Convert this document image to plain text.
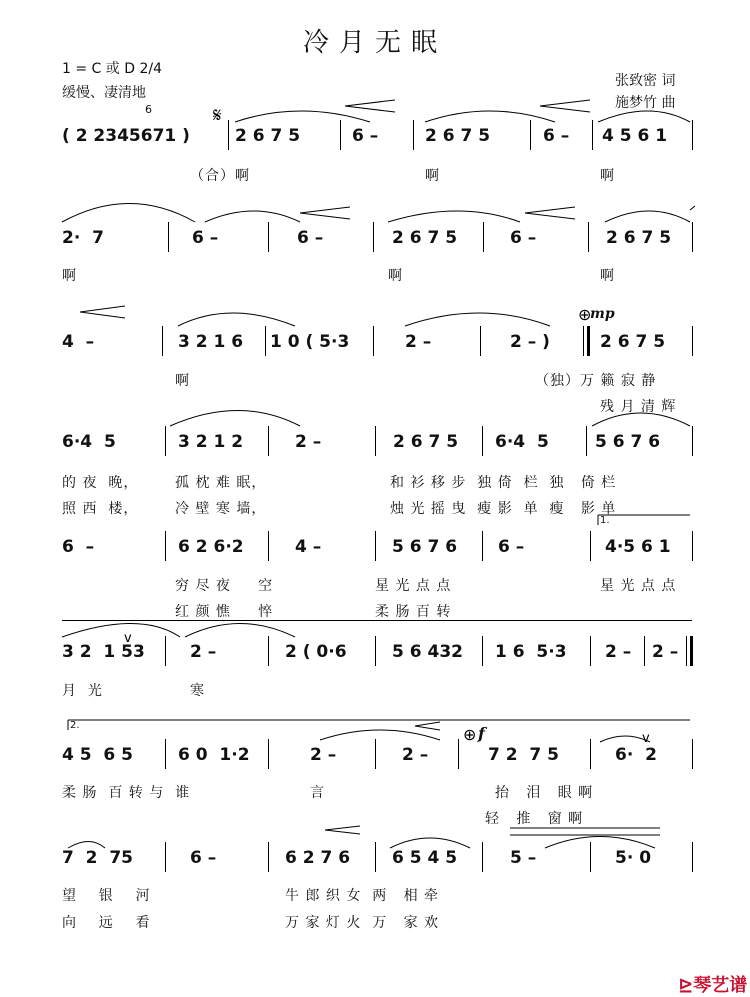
冷月无眠
1 = C 或 D 2/4
缓慢、凄清地
张致密 词
施梦竹 曲
6	𝄋
⊕
⊕
v
v
mp
f
1.
2.
( 2 2345671 )	2 6 7 5	6 –	2 6 7 5	6 – 4 5 6 1
（合）啊	啊	啊
2·  7	6 –	6 –	2 6 7 5	6 –	2 6 7 5
啊	啊	啊
4  –	3 2 1 6 1 0 ( 5·3	2 –	2 – )	2 6 7 5
啊	（独）万 籁 寂 静
残 月 清 辉
6·4  5	3 2 1 2	2 –	2 6 7 5 6·4  5	5 6 7 6
的 夜  晚，	孤 枕 难 眠，	和 衫 移 步  独 倚  栏  独   倚 栏
照 西  楼，	冷 壁 寒 墙，	烛 光 摇 曳  瘦 影  单  瘦   影 单
6  –	6 2 6·2	4 –	5 6 7 6 6 –	4·5 6 1
穷 尽 夜     空	星 光 点 点	星 光 点 点
红 颜 憔     悴	柔 肠 百 转
3 2  1 53	2 –	2 ( 0·6	5 6 432 1 6  5·3 2 – 2 –
月  光	寒
4 5  6 5	6 0  1·2	2 –	2 –	7 2  7 5	6·  2
柔 肠  百 转 与  谁	言	抬   泪   眼 啊
轻   推   窗 啊
7  2  75	6 –	6 2 7 6 6 5 4 5	5 –	5· 0
望    银    河	牛 郎 织 女  两   相 牵
向    远    看	万 家 灯 火  万   家 欢

⊵琴艺谱
